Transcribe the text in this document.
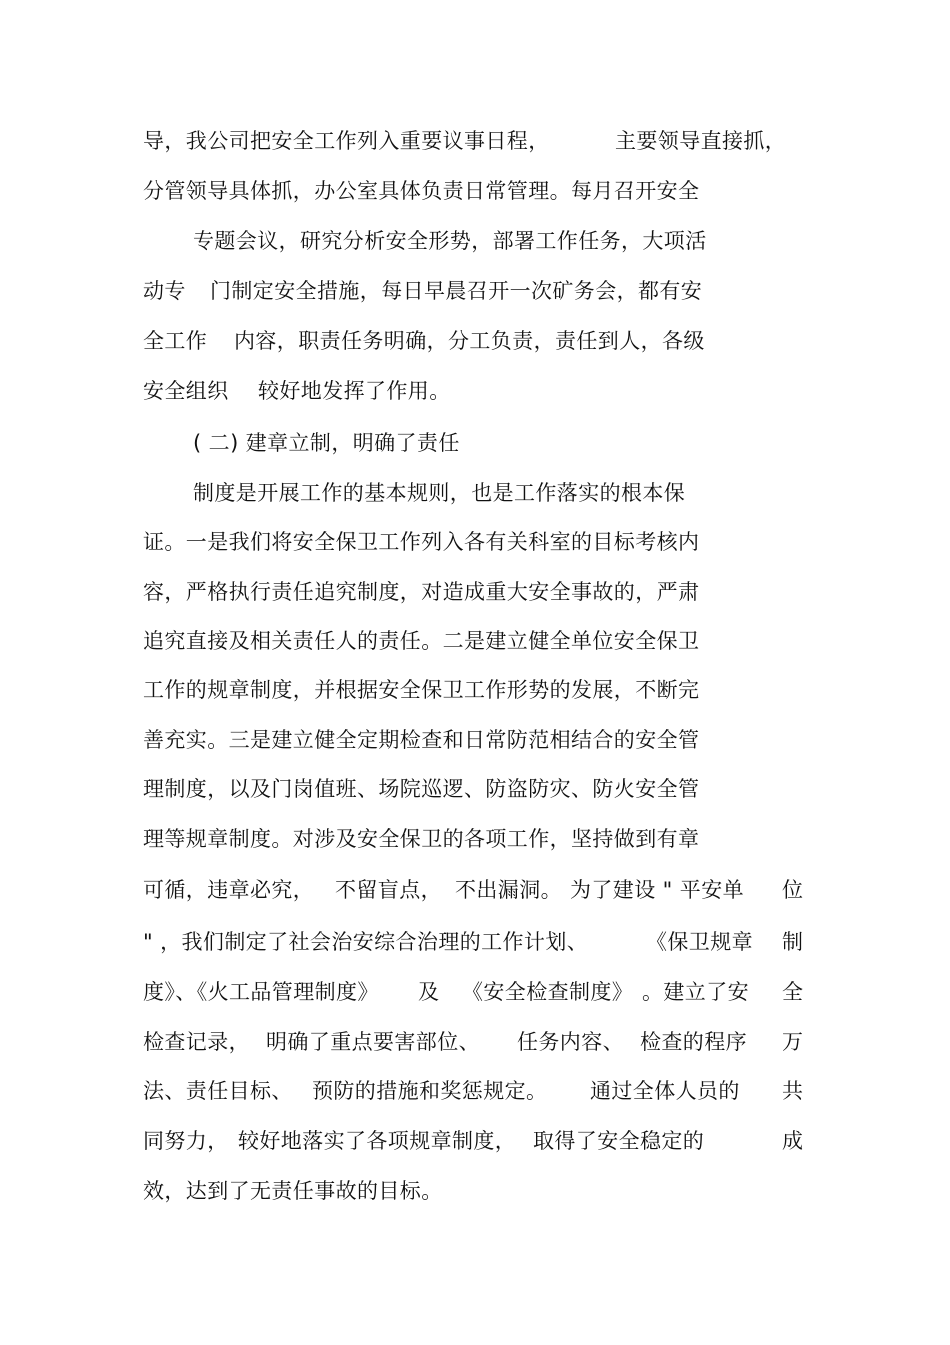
导，我公司把安全工作列入重要议事日程，	主要领导直接抓，
分管领导具体抓，办公室具体负责日常管理。每月召开安全
专题会议，研究分析安全形势，部署工作任务，大项活
动专 门制定安全措施，每日早晨召开一次矿务会，都有安
全工作 内容，职责任务明确，分工负责，责任到人，各级
安全组织 较好地发挥了作用。
( 二) 建章立制，明确了责任
制度是开展工作的基本规则，也是工作落实的根本保
证。一是我们将安全保卫工作列入各有关科室的目标考核内
容，严格执行责任追究制度，对造成重大安全事故的，严肃
追究直接及相关责任人的责任。二是建立健全单位安全保卫
工作的规章制度，并根据安全保卫工作形势的发展，不断完
善充实。三是建立健全定期检查和日常防范相结合的安全管
理制度，以及门岗值班、场院巡逻、防盗防灾、防火安全管
理等规章制度。对涉及安全保卫的各项工作，坚持做到有章
可循，违章必究， 不留盲点， 不出漏洞。 为了建设 " 平安单 位
" ，我们制定了社会治安综合治理的工作计划、	《保卫规章 制
度》、《火工品管理制度》 及 《安全检查制度》 。建立了安 全
检查记录， 明确了重点要害部位、 任务内容、 检查的程序 万
法、责任目标、 预防的措施和奖惩规定。 通过全体人员的 共
同努力， 较好地落实了各项规章制度， 取得了安全稳定的	成
效，达到了无责任事故的目标。
